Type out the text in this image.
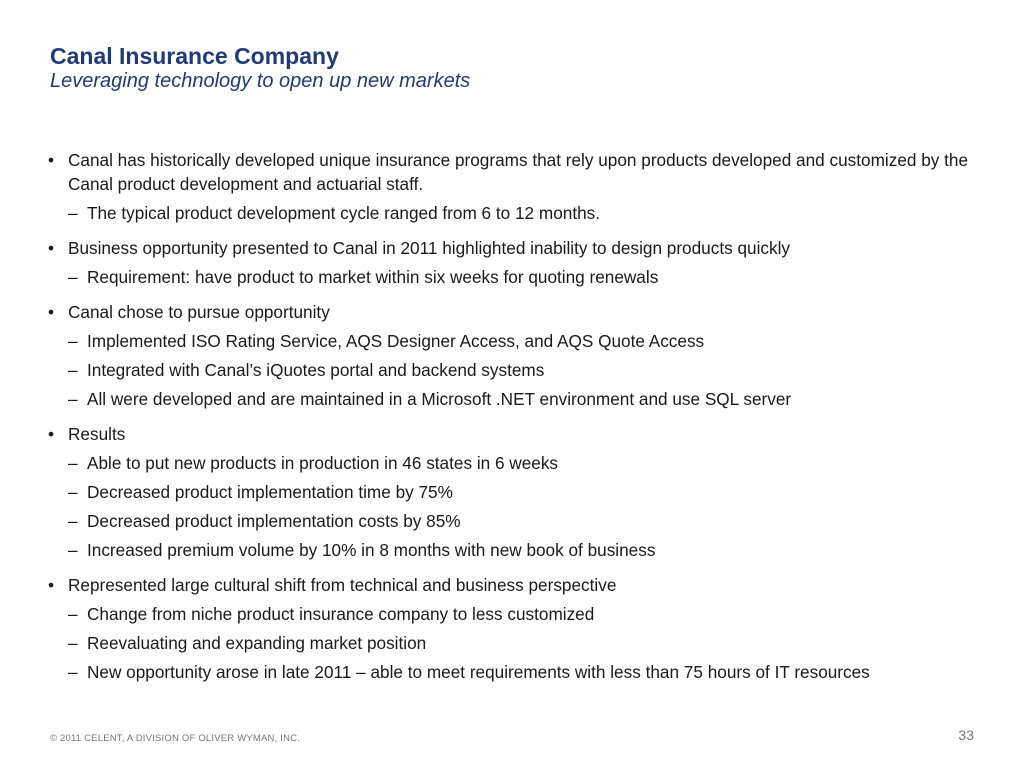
Canal Insurance Company
Leveraging technology to open up new markets
• Canal has historically developed unique insurance programs that rely upon products developed and customized by the Canal product development and actuarial staff.
– The typical product development cycle ranged from 6 to 12 months.
• Business opportunity presented to Canal in 2011 highlighted inability to design products quickly
– Requirement: have product to market within six weeks for quoting renewals
• Canal chose to pursue opportunity
– Implemented ISO Rating Service, AQS Designer Access, and AQS Quote Access
– Integrated with Canal’s iQuotes portal and backend systems
– All were developed and are maintained in a Microsoft .NET environment and use SQL server
• Results
– Able to put new products in production in 46 states in 6 weeks
– Decreased product implementation time by 75%
– Decreased product implementation costs by 85%
– Increased premium volume by 10% in 8 months with new book of business
• Represented large cultural shift from technical and business perspective
– Change from niche product insurance company to less customized
– Reevaluating and expanding market position
– New opportunity arose in late 2011 – able to meet requirements with less than 75 hours of IT resources
© 2011 CELENT, A DIVISION OF OLIVER WYMAN, INC.	33
